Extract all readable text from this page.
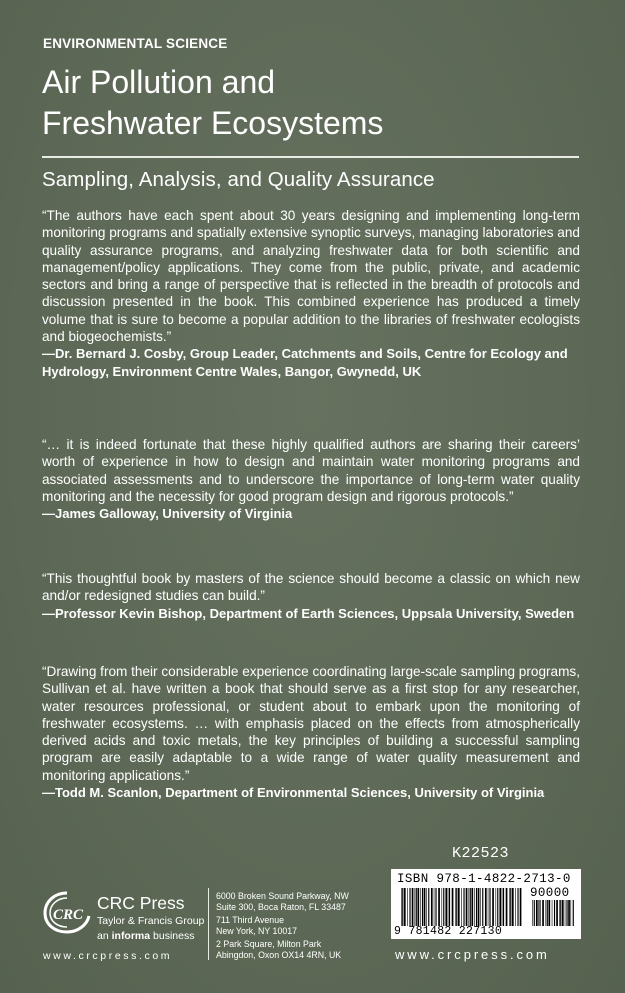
ENVIRONMENTAL SCIENCE
Air Pollution and
Freshwater Ecosystems
Sampling, Analysis, and Quality Assurance

“The authors have each spent about 30 years designing and implementing long-term monitoring programs and spatially extensive synoptic surveys, managing laboratories and quality assurance programs, and analyzing freshwater data for both scientific and management/policy applications. They come from the public, private, and academic sectors and bring a range of perspective that is reflected in the breadth of protocols and discussion presented in the book. This combined experience has produced a timely volume that is sure to become a popular addition to the libraries of freshwater ecologists and biogeochemists.”

—Dr. Bernard J. Cosby, Group Leader, Catchments and Soils, Centre for Ecology and Hydrology, Environment Centre Wales, Bangor, Gwynedd, UK

“… it is indeed fortunate that these highly qualified authors are sharing their careers’ worth of experience in how to design and maintain water monitoring programs and associated assessments and to underscore the importance of long-term water quality monitoring and the necessity for good program design and rigorous protocols.”

—James Galloway, University of Virginia

“This thoughtful book by masters of the science should become a classic on which new and/or redesigned studies can build.”

—Professor Kevin Bishop, Department of Earth Sciences, Uppsala University, Sweden

“Drawing from their considerable experience coordinating large-scale sampling programs, Sullivan et al. have written a book that should serve as a first stop for any researcher, water resources professional, or student about to embark upon the monitoring of freshwater ecosystems. … with emphasis placed on the effects from atmospherically derived acids and toxic metals, the key principles of building a successful sampling program are easily adaptable to a wide range of water quality measurement and monitoring applications.”

—Todd M. Scanlon, Department of Environmental Sciences, University of Virginia

K22523
ISBN 978-1-4822-2713-0
90000
9 781482 227130
CRC
CRC Press
Taylor & Francis Group
an informa business
6000 Broken Sound Parkway, NW
Suite 300, Boca Raton, FL 33487
711 Third Avenue
New York, NY 10017
2 Park Square, Milton Park
Abingdon, Oxon OX14 4RN, UK
www.crcpress.com	www.crcpress.com
